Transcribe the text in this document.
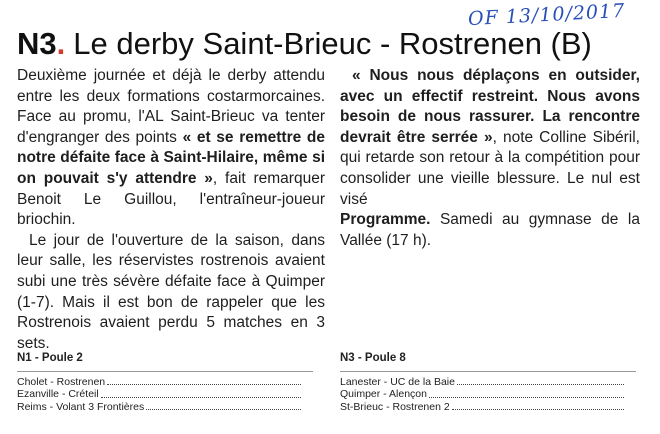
OF 13/10/2017
N3. Le derby Saint-Brieuc - Rostrenen (B)

Deuxième journée et déjà le derby attendu entre les deux formations costarmorcaines. Face au promu, l'AL Saint-Brieuc va tenter d'engranger des points « et se remettre de notre défaite face à Saint-Hilaire, même si on pouvait s'y attendre », fait remarquer Benoit Le Guillou, l'entraîneur-joueur briochin.

Le jour de l'ouverture de la saison, dans leur salle, les réservistes rostrenois avaient subi une très sévère défaite face à Quimper (1-7). Mais il est bon de rappeler que les Rostrenois avaient perdu 5 matches en 3 sets.

« Nous nous déplaçons en outsider, avec un effectif restreint. Nous avons besoin de nous rassurer. La rencontre devrait être serrée », note Colline Sibéril, qui retarde son retour à la compétition pour consolider une vieille blessure. Le nul est visé

Programme. Samedi au gymnase de la Vallée (17 h).

N1 - Poule 2
Cholet - Rostrenen
Ezanville - Créteil
Reims - Volant 3 Frontières
N3 - Poule 8
Lanester - UC de la Baie
Quimper - Alençon
St-Brieuc - Rostrenen 2
